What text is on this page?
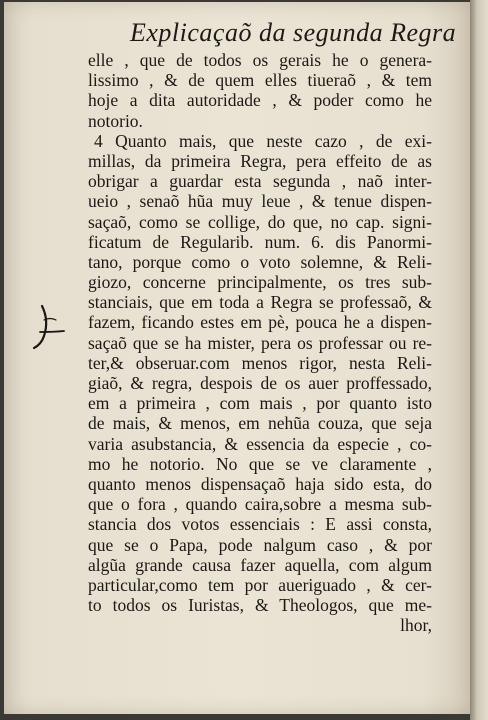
Explicaçaõ da segunda Regra
elle , que de todos os gerais he o genera-
lissimo , & de quem elles tiueraõ , & tem
hoje a dita autoridade , & poder como he
notorio.
4 Quanto mais, que neste cazo , de exi-
millas, da primeira Regra, pera effeito de as
obrigar a guardar esta segunda , naõ inter-
ueio , senaõ hũa muy leue , & tenue dispen-
saçaõ, como se collige, do que, no cap. signi-
ficatum de Regularib. num. 6. dis Panormi-
tano, porque como o voto solemne, & Reli-
giozo, concerne principalmente, os tres sub-
stanciais, que em toda a Regra se professaõ, &
fazem, ficando estes em pè, pouca he a dispen-
saçaõ que se ha mister, pera os professar ou re-
ter,& obseruar.com menos rigor, nesta Reli-
giaõ, & regra, despois de os auer proffessado,
em a primeira , com mais , por quanto isto
de mais, & menos, em nehũa couza, que seja
varia asubstancia, & essencia da especie , co-
mo he notorio. No que se ve claramente ,
quanto menos dispensaçaõ haja sido esta, do
que o fora , quando caira,sobre a mesma sub-
stancia dos votos essenciais : E assi consta,
que se o Papa, pode nalgum caso , & por
algũa grande causa fazer aquella, com algum
particular,como tem por aueriguado , & cer-
to todos os Iuristas, & Theologos, que me-
lhor,
